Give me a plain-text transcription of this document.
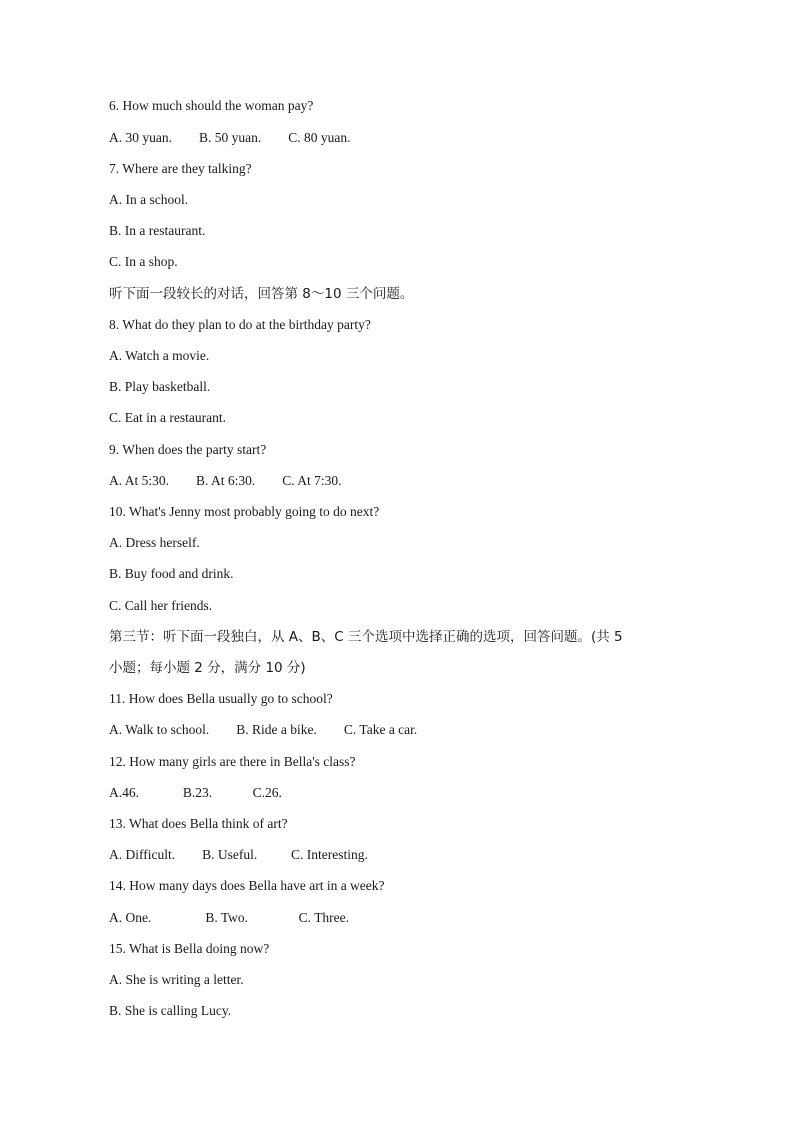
6. How much should the woman pay?

A. 30 yuan.        B. 50 yuan.        C. 80 yuan.

7. Where are they talking?

A. In a school.

B. In a restaurant.

C. In a shop.

听下面一段较长的对话，回答第 8～10 三个问题。

8. What do they plan to do at the birthday party?

A. Watch a movie.

B. Play basketball.

C. Eat in a restaurant.

9. When does the party start?

A. At 5:30.        B. At 6:30.        C. At 7:30.

10. What's Jenny most probably going to do next?

A. Dress herself.

B. Buy food and drink.

C. Call her friends.

第三节：听下面一段独白，从 A、B、C 三个选项中选择正确的选项，回答问题。(共 5

小题；每小题 2 分，满分 10 分)

11. How does Bella usually go to school?

A. Walk to school.        B. Ride a bike.        C. Take a car.

12. How many girls are there in Bella's class?

A.46.             B.23.            C.26.

13. What does Bella think of art?

A. Difficult.        B. Useful.          C. Interesting.

14. How many days does Bella have art in a week?

A. One.                B. Two.               C. Three.

15. What is Bella doing now?

A. She is writing a letter.

B. She is calling Lucy.
